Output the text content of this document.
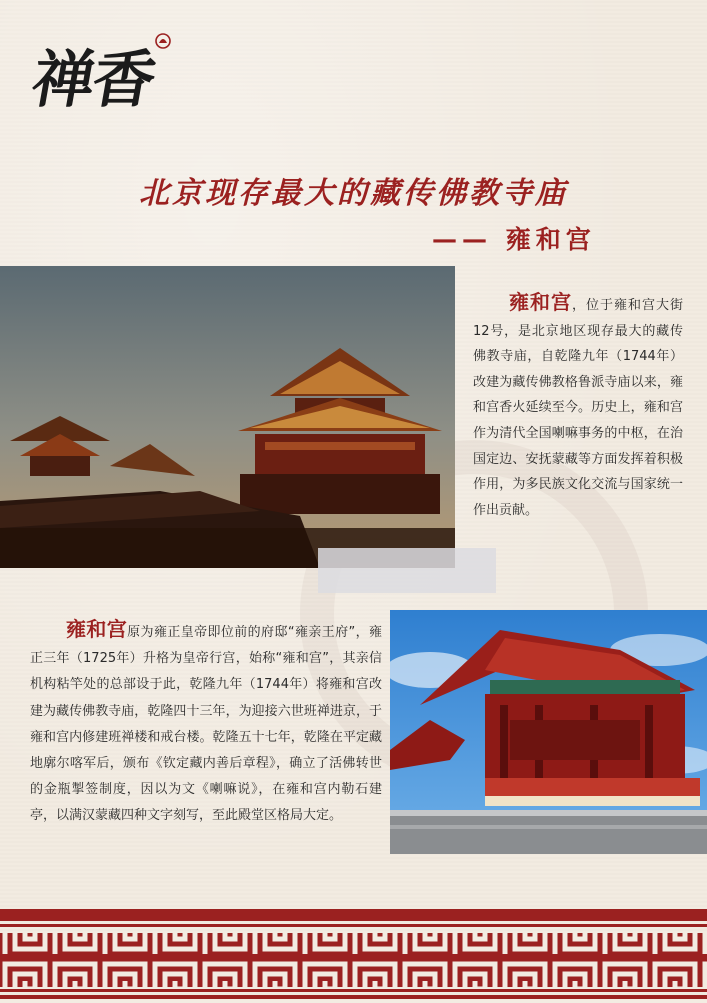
禅香
北京现存最大的藏传佛教寺庙
—— 雍和宫
雍和宫，位于雍和宫大街12号，是北京地区现存最大的藏传佛教寺庙，自乾隆九年（1744年）改建为藏传佛教格鲁派寺庙以来，雍和宫香火延续至今。历史上，雍和宫作为清代全国喇嘛事务的中枢，在治国定边、安抚蒙藏等方面发挥着积极作用，为多民族文化交流与国家统一作出贡献。
雍和宫原为雍正皇帝即位前的府邸“雍亲王府”，雍正三年（1725年）升格为皇帝行宫，始称“雍和宫”，其亲信机构粘竿处的总部设于此，乾隆九年（1744年）将雍和宫改建为藏传佛教寺庙，乾隆四十三年，为迎接六世班禅进京，于雍和宫内修建班禅楼和戒台楼。乾隆五十七年，乾隆在平定藏地廓尔喀军后，颁布《钦定藏内善后章程》，确立了活佛转世的金瓶掣签制度，因以为文《喇嘛说》，在雍和宫内勒石建亭，以满汉蒙藏四种文字刻写，至此殿堂区格局大定。
